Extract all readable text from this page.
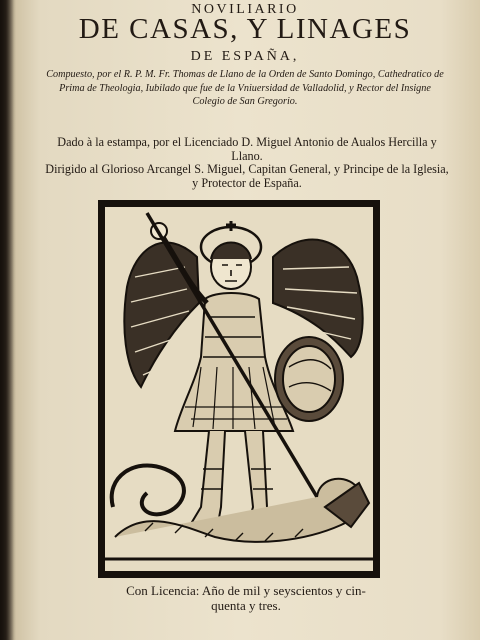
NOVILIARIO
DE CASAS, Y LINAGES
DE ESPAÑA,
Compuesto, por el R. P. M. Fr. Thomas de Llano de la Orden de Santo Domingo, Cathedratico de Prima de Theologia, Iubilado que fue de la Vniuersidad de Valladolid, y Rector del Insigne Colegio de San Gregorio.
Dado à la estampa, por el Licenciado D. Miguel Antonio de Aualos Hercilla y Llano.
Dirigido al Glorioso Arcangel S. Miguel, Capitan General, y Principe de la Iglesia, y Protector de España.
Con Licencia: Año de mil y seyscientos y cin-
quenta y tres.
